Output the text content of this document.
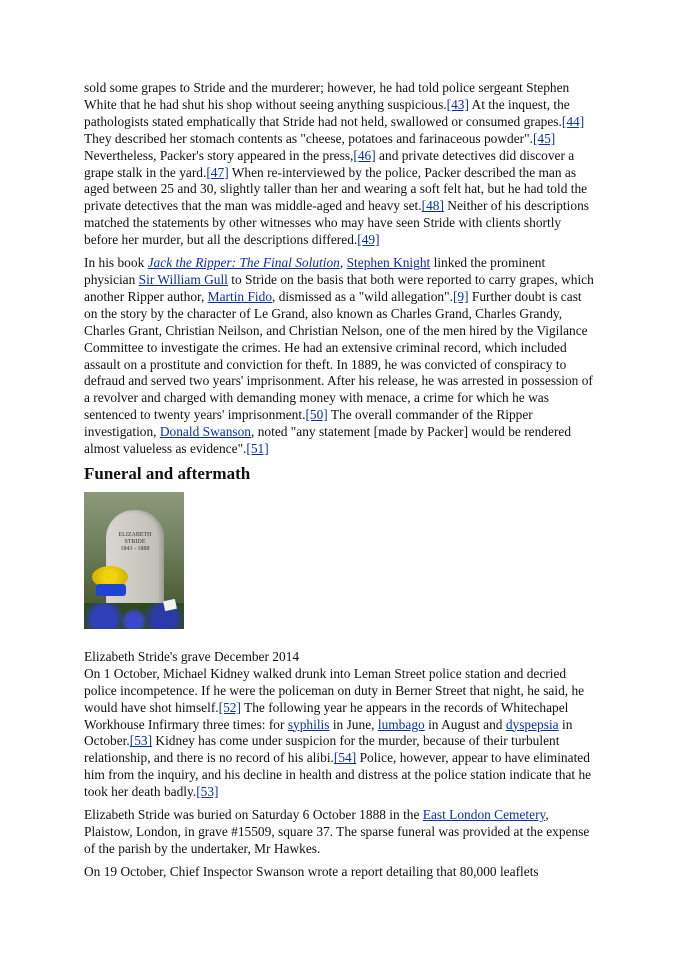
sold some grapes to Stride and the murderer; however, he had told police sergeant Stephen White that he had shut his shop without seeing anything suspicious.[43] At the inquest, the pathologists stated emphatically that Stride had not held, swallowed or consumed grapes.[44] They described her stomach contents as "cheese, potatoes and farinaceous powder".[45] Nevertheless, Packer's story appeared in the press,[46] and private detectives did discover a grape stalk in the yard.[47] When re-interviewed by the police, Packer described the man as aged between 25 and 30, slightly taller than her and wearing a soft felt hat, but he had told the private detectives that the man was middle-aged and heavy set.[48] Neither of his descriptions matched the statements by other witnesses who may have seen Stride with clients shortly before her murder, but all the descriptions differed.[49]

In his book Jack the Ripper: The Final Solution, Stephen Knight linked the prominent physician Sir William Gull to Stride on the basis that both were reported to carry grapes, which another Ripper author, Martin Fido, dismissed as a "wild allegation".[9] Further doubt is cast on the story by the character of Le Grand, also known as Charles Grand, Charles Grandy, Charles Grant, Christian Neilson, and Christian Nelson, one of the men hired by the Vigilance Committee to investigate the crimes. He had an extensive criminal record, which included assault on a prostitute and conviction for theft. In 1889, he was convicted of conspiracy to defraud and served two years' imprisonment. After his release, he was arrested in possession of a revolver and charged with demanding money with menace, a crime for which he was sentenced to twenty years' imprisonment.[50] The overall commander of the Ripper investigation, Donald Swanson, noted "any statement [made by Packer] would be rendered almost valueless as evidence".[51]

Funeral and aftermath
ELIZABETH
STRIDE
1843 - 1888

Elizabeth Stride's grave December 2014

On 1 October, Michael Kidney walked drunk into Leman Street police station and decried police incompetence. If he were the policeman on duty in Berner Street that night, he said, he would have shot himself.[52] The following year he appears in the records of Whitechapel Workhouse Infirmary three times: for syphilis in June, lumbago in August and dyspepsia in October.[53] Kidney has come under suspicion for the murder, because of their turbulent relationship, and there is no record of his alibi.[54] Police, however, appear to have eliminated him from the inquiry, and his decline in health and distress at the police station indicate that he took her death badly.[53]

Elizabeth Stride was buried on Saturday 6 October 1888 in the East London Cemetery, Plaistow, London, in grave #15509, square 37. The sparse funeral was provided at the expense of the parish by the undertaker, Mr Hawkes.

On 19 October, Chief Inspector Swanson wrote a report detailing that 80,000 leaflets
